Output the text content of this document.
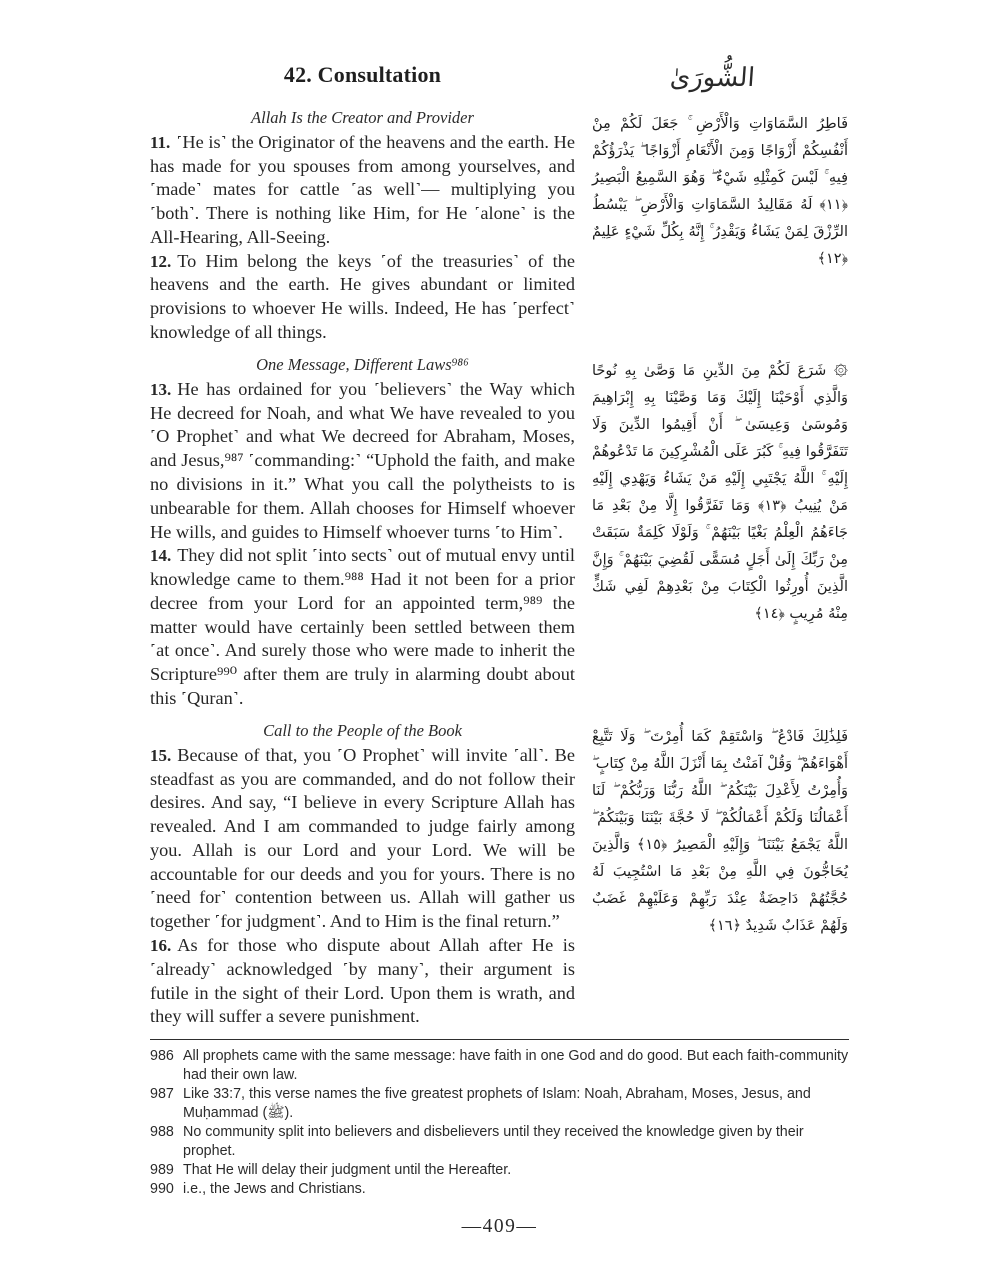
42. Consultation	الشُّورَىٰ
Allah Is the Creator and Provider

11. ˹He is˺ the Originator of the heavens and the earth. He has made for you spouses from among yourselves, and ˹made˺ mates for cattle ˹as well˺— multiplying you ˹both˺. There is nothing like Him, for He ˹alone˺ is the All-Hearing, All-Seeing.

12. To Him belong the keys ˹of the treasuries˺ of the heavens and the earth. He gives abundant or limited provisions to whoever He wills. Indeed, He has ˹perfect˺ knowledge of all things.

فَاطِرُ السَّمَاوَاتِ وَالْأَرْضِ ۚ جَعَلَ لَكُمْ مِنْ أَنْفُسِكُمْ أَزْوَاجًا وَمِنَ الْأَنْعَامِ أَزْوَاجًا ۖ يَذْرَؤُكُمْ فِيهِ ۚ لَيْسَ كَمِثْلِهِ شَيْءٌ ۖ وَهُوَ السَّمِيعُ الْبَصِيرُ ﴿١١﴾ لَهُ مَقَالِيدُ السَّمَاوَاتِ وَالْأَرْضِ ۖ يَبْسُطُ الرِّزْقَ لِمَنْ يَشَاءُ وَيَقْدِرُ ۚ إِنَّهُ بِكُلِّ شَيْءٍ عَلِيمٌ ﴿١٢﴾
One Message, Different Laws⁹⁸⁶

13. He has ordained for you ˹believers˺ the Way which He decreed for Noah, and what We have revealed to you ˹O Prophet˺ and what We decreed for Abraham, Moses, and Jesus,⁹⁸⁷ ˹commanding:˺ “Uphold the faith, and make no divisions in it.” What you call the polytheists to is unbearable for them. Allah chooses for Himself whoever He wills, and guides to Himself whoever turns ˹to Him˺.

14. They did not split ˹into sects˺ out of mutual envy until knowledge came to them.⁹⁸⁸ Had it not been for a prior decree from your Lord for an appointed term,⁹⁸⁹ the matter would have certainly been settled between them ˹at once˺. And surely those who were made to inherit the Scripture⁹⁹⁰ after them are truly in alarming doubt about this ˹Quran˺.

۞ شَرَعَ لَكُمْ مِنَ الدِّينِ مَا وَصَّىٰ بِهِ نُوحًا وَالَّذِي أَوْحَيْنَا إِلَيْكَ وَمَا وَصَّيْنَا بِهِ إِبْرَاهِيمَ وَمُوسَىٰ وَعِيسَىٰ ۖ أَنْ أَقِيمُوا الدِّينَ وَلَا تَتَفَرَّقُوا فِيهِ ۚ كَبُرَ عَلَى الْمُشْرِكِينَ مَا تَدْعُوهُمْ إِلَيْهِ ۚ اللَّهُ يَجْتَبِي إِلَيْهِ مَنْ يَشَاءُ وَيَهْدِي إِلَيْهِ مَنْ يُنِيبُ ﴿١٣﴾ وَمَا تَفَرَّقُوا إِلَّا مِنْ بَعْدِ مَا جَاءَهُمُ الْعِلْمُ بَغْيًا بَيْنَهُمْ ۚ وَلَوْلَا كَلِمَةٌ سَبَقَتْ مِنْ رَبِّكَ إِلَىٰ أَجَلٍ مُسَمًّى لَقُضِيَ بَيْنَهُمْ ۚ وَإِنَّ الَّذِينَ أُورِثُوا الْكِتَابَ مِنْ بَعْدِهِمْ لَفِي شَكٍّ مِنْهُ مُرِيبٍ ﴿١٤﴾
Call to the People of the Book

15. Because of that, you ˹O Prophet˺ will invite ˹all˺. Be steadfast as you are commanded, and do not follow their desires. And say, “I believe in every Scripture Allah has revealed. And I am commanded to judge fairly among you. Allah is our Lord and your Lord. We will be accountable for our deeds and you for yours. There is no ˹need for˺ contention between us. Allah will gather us together ˹for judgment˺. And to Him is the final return.”

16. As for those who dispute about Allah after He is ˹already˺ acknowledged ˹by many˺, their argument is futile in the sight of their Lord. Upon them is wrath, and they will suffer a severe punishment.

فَلِذَٰلِكَ فَادْعُ ۖ وَاسْتَقِمْ كَمَا أُمِرْتَ ۖ وَلَا تَتَّبِعْ أَهْوَاءَهُمْ ۖ وَقُلْ آمَنْتُ بِمَا أَنْزَلَ اللَّهُ مِنْ كِتَابٍ ۖ وَأُمِرْتُ لِأَعْدِلَ بَيْنَكُمُ ۖ اللَّهُ رَبُّنَا وَرَبُّكُمْ ۖ لَنَا أَعْمَالُنَا وَلَكُمْ أَعْمَالُكُمْ ۖ لَا حُجَّةَ بَيْنَنَا وَبَيْنَكُمُ ۖ اللَّهُ يَجْمَعُ بَيْنَنَا ۖ وَإِلَيْهِ الْمَصِيرُ ﴿١٥﴾ وَالَّذِينَ يُحَاجُّونَ فِي اللَّهِ مِنْ بَعْدِ مَا اسْتُجِيبَ لَهُ حُجَّتُهُمْ دَاحِضَةٌ عِنْدَ رَبِّهِمْ وَعَلَيْهِمْ غَضَبٌ وَلَهُمْ عَذَابٌ شَدِيدٌ ﴿١٦﴾
986 All prophets came with the same message: have faith in one God and do good. But each faith-community had their own law.
987 Like 33:7, this verse names the five greatest prophets of Islam: Noah, Abraham, Moses, Jesus, and Muḥammad (ﷺ).
988 No community split into believers and disbelievers until they received the knowledge given by their prophet.
989 That He will delay their judgment until the Hereafter.
990 i.e., the Jews and Christians.
—409—
